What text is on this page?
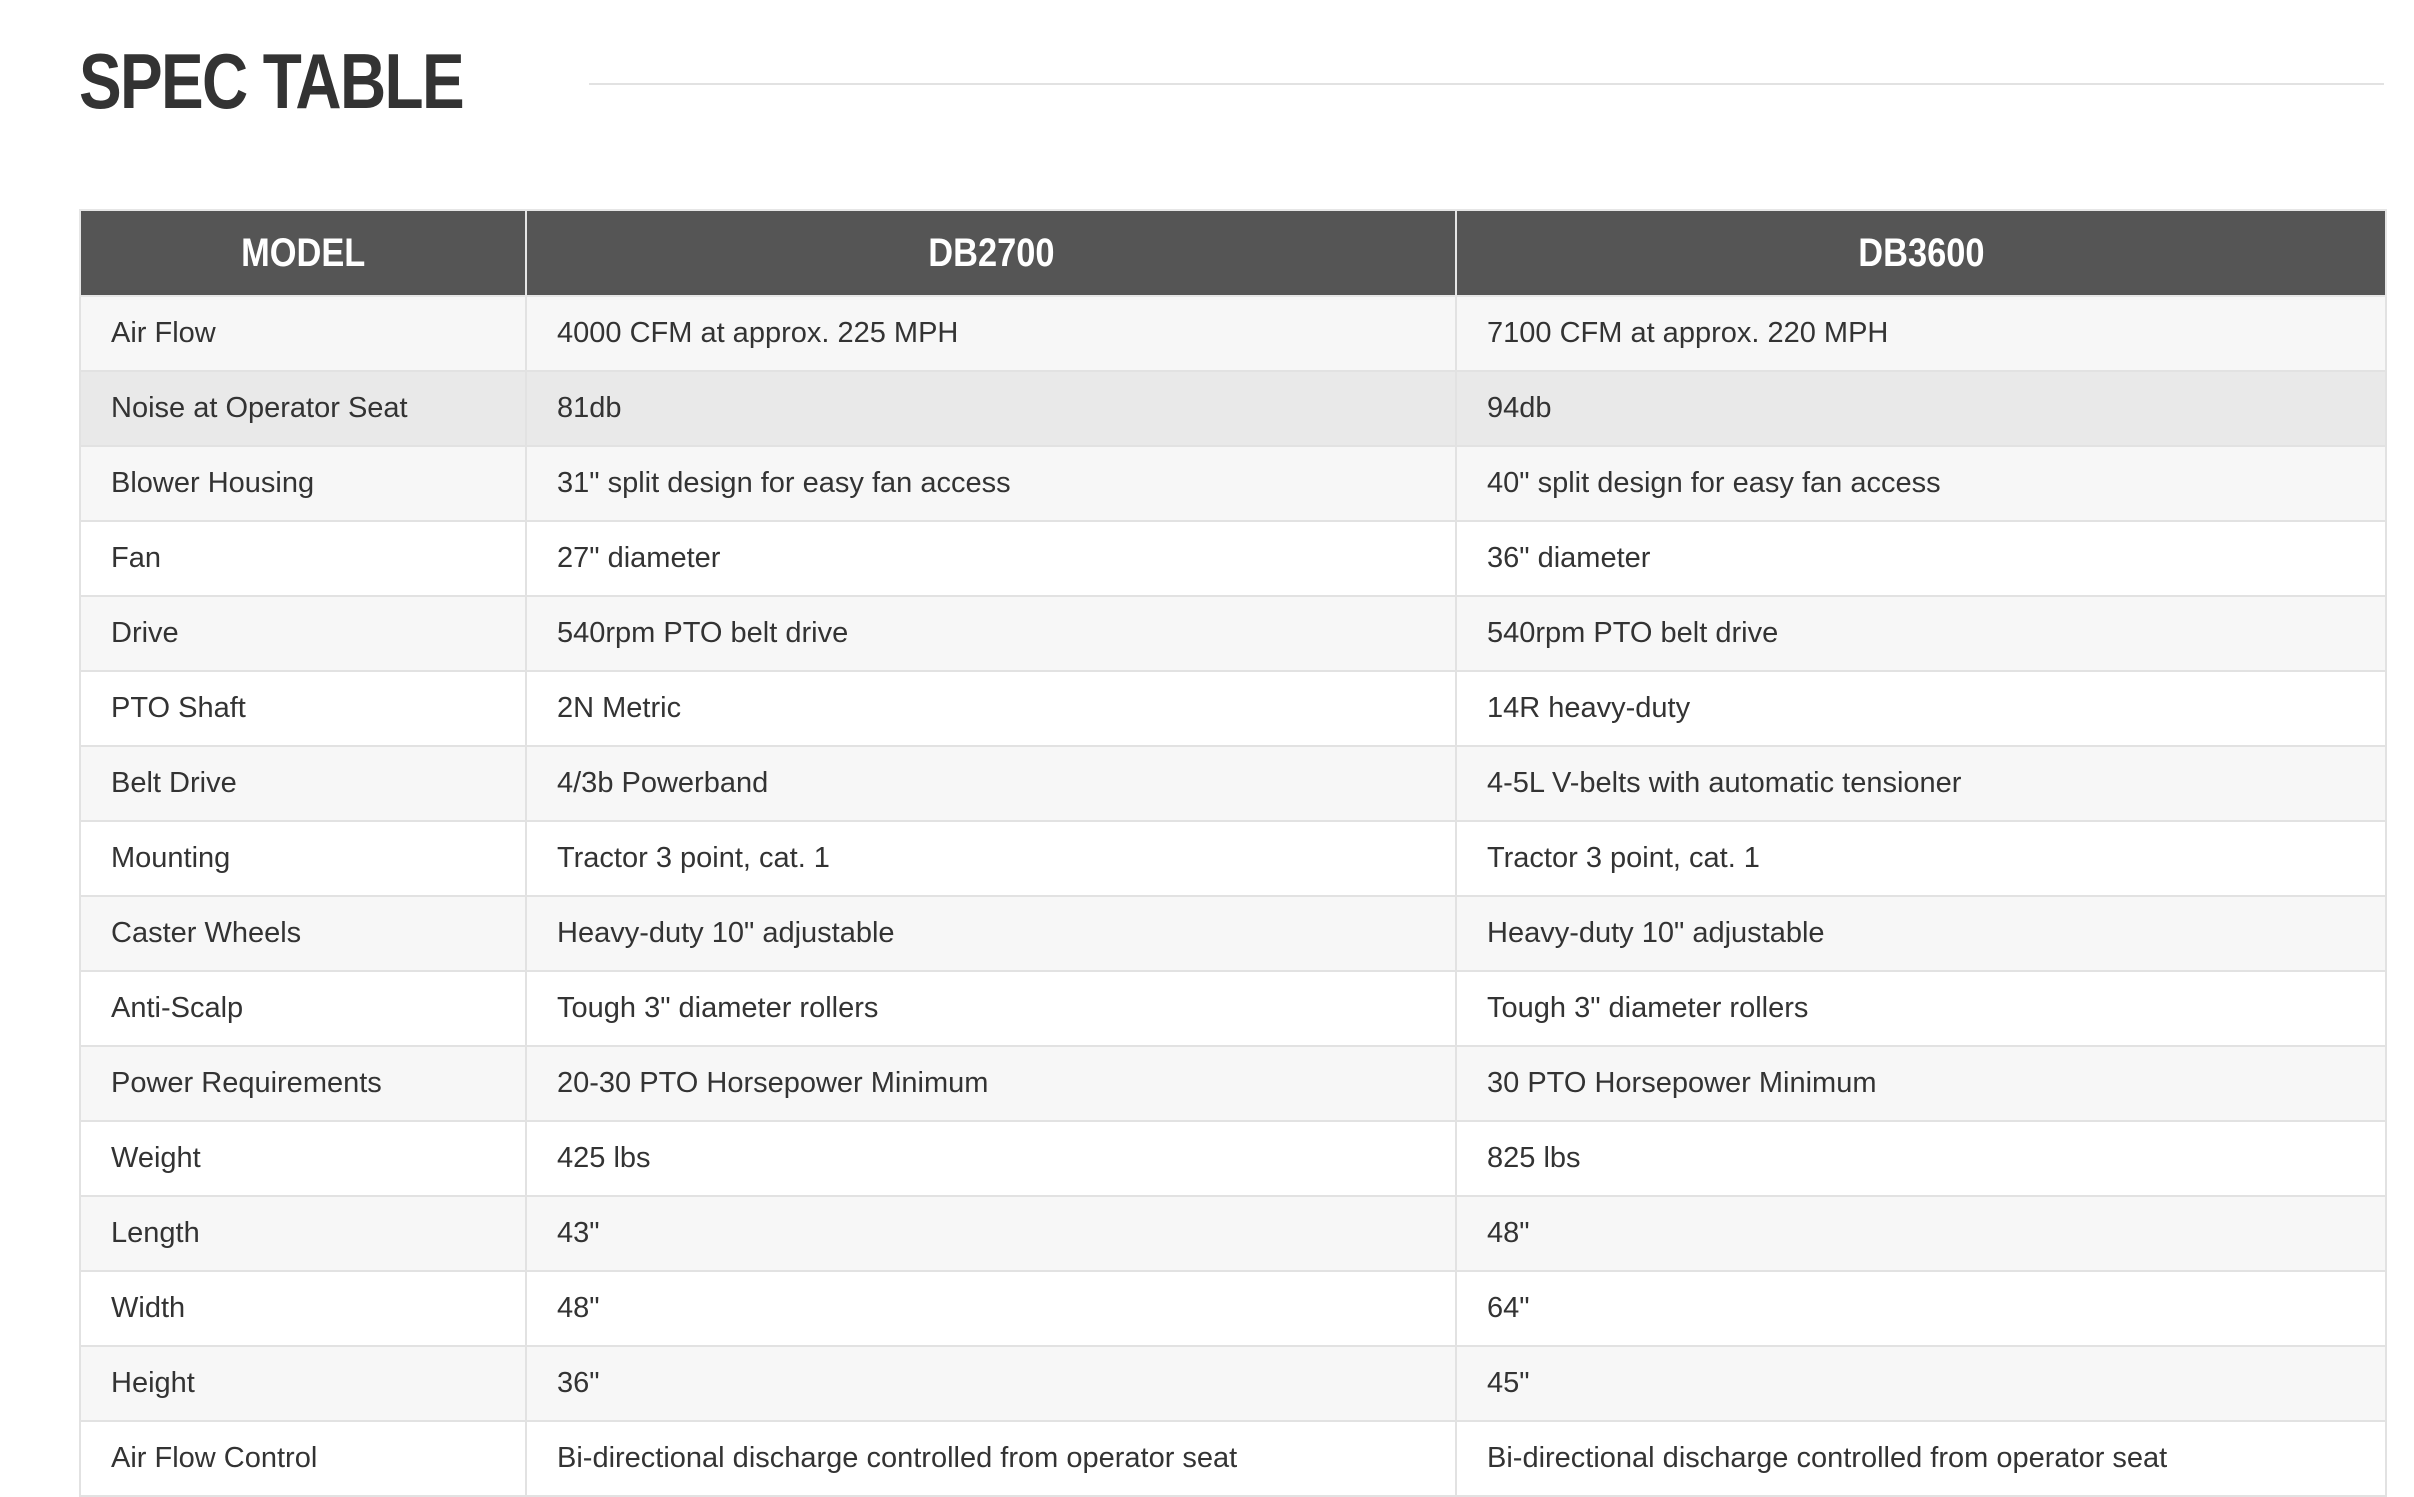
SPEC TABLE
MODEL	DB2700	DB3600
Air Flow	4000 CFM at approx. 225 MPH	7100 CFM at approx. 220 MPH
Noise at Operator Seat	81db	94db
Blower Housing	31" split design for easy fan access	40" split design for easy fan access
Fan	27" diameter	36" diameter
Drive	540rpm PTO belt drive	540rpm PTO belt drive
PTO Shaft	2N Metric	14R heavy-duty
Belt Drive	4/3b Powerband	4-5L V-belts with automatic tensioner
Mounting	Tractor 3 point, cat. 1	Tractor 3 point, cat. 1
Caster Wheels	Heavy-duty 10" adjustable	Heavy-duty 10" adjustable
Anti-Scalp	Tough 3" diameter rollers	Tough 3" diameter rollers
Power Requirements	20-30 PTO Horsepower Minimum	30 PTO Horsepower Minimum
Weight	425 lbs	825 lbs
Length	43"	48"
Width	48"	64"
Height	36"	45"
Air Flow Control	Bi-directional discharge controlled from operator seat	Bi-directional discharge controlled from operator seat
